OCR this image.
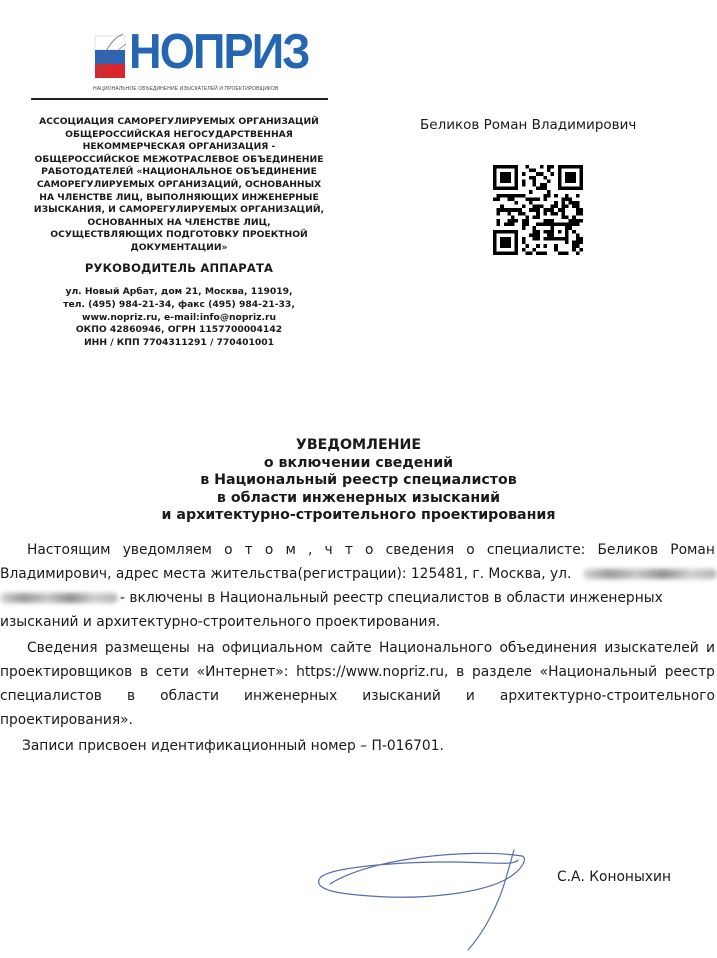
НОПРИЗ
НАЦИОНАЛЬНОЕ ОБЪЕДИНЕНИЕ ИЗЫСКАТЕЛЕЙ И ПРОЕКТИРОВЩИКОВ
АССОЦИАЦИЯ САМОРЕГУЛИРУЕМЫХ ОРГАНИЗАЦИЙ
ОБЩЕРОССИЙСКАЯ НЕГОСУДАРСТВЕННАЯ
НЕКОММЕРЧЕСКАЯ ОРГАНИЗАЦИЯ -
ОБЩЕРОССИЙСКОЕ МЕЖОТРАСЛЕВОЕ ОБЪЕДИНЕНИЕ
РАБОТОДАТЕЛЕЙ «НАЦИОНАЛЬНОЕ ОБЪЕДИНЕНИЕ
САМОРЕГУЛИРУЕМЫХ ОРГАНИЗАЦИЙ, ОСНОВАННЫХ
НА ЧЛЕНСТВЕ ЛИЦ, ВЫПОЛНЯЮЩИХ ИНЖЕНЕРНЫЕ
ИЗЫСКАНИЯ, И САМОРЕГУЛИРУЕМЫХ ОРГАНИЗАЦИЙ,
ОСНОВАННЫХ НА ЧЛЕНСТВЕ ЛИЦ,
ОСУЩЕСТВЛЯЮЩИХ ПОДГОТОВКУ ПРОЕКТНОЙ
ДОКУМЕНТАЦИИ»
РУКОВОДИТЕЛЬ АППАРАТА
ул. Новый Арбат, дом 21, Москва, 119019,
тел. (495) 984-21-34, факс (495) 984-21-33,
www.nopriz.ru, e-mail:info@nopriz.ru
ОКПО 42860946, ОГРН 1157700004142
ИНН / КПП 7704311291 / 770401001
Беликов Роман Владимирович
УВЕДОМЛЕНИЕ
о включении сведений
в Национальный реестр специалистов
в области инженерных изысканий
и архитектурно-строительного проектирования
Настоящим уведомляем о т о м , ч т о сведения о специалисте: Беликов Роман
Владимирович, адрес места жительства(регистрации): 125481, г. Москва, ул.
- включены в Национальный реестр специалистов в области инженерных
изысканий и архитектурно-строительного проектирования.
Сведения размещены на официальном сайте Национального объединения изыскателей и
проектировщиков в сети «Интернет»: https://www.nopriz.ru, в разделе «Национальный реестр
специалистов в области инженерных изысканий и архитектурно-строительного
проектирования».
Записи присвоен идентификационный номер – П-016701.
С.А. Кононыхин
